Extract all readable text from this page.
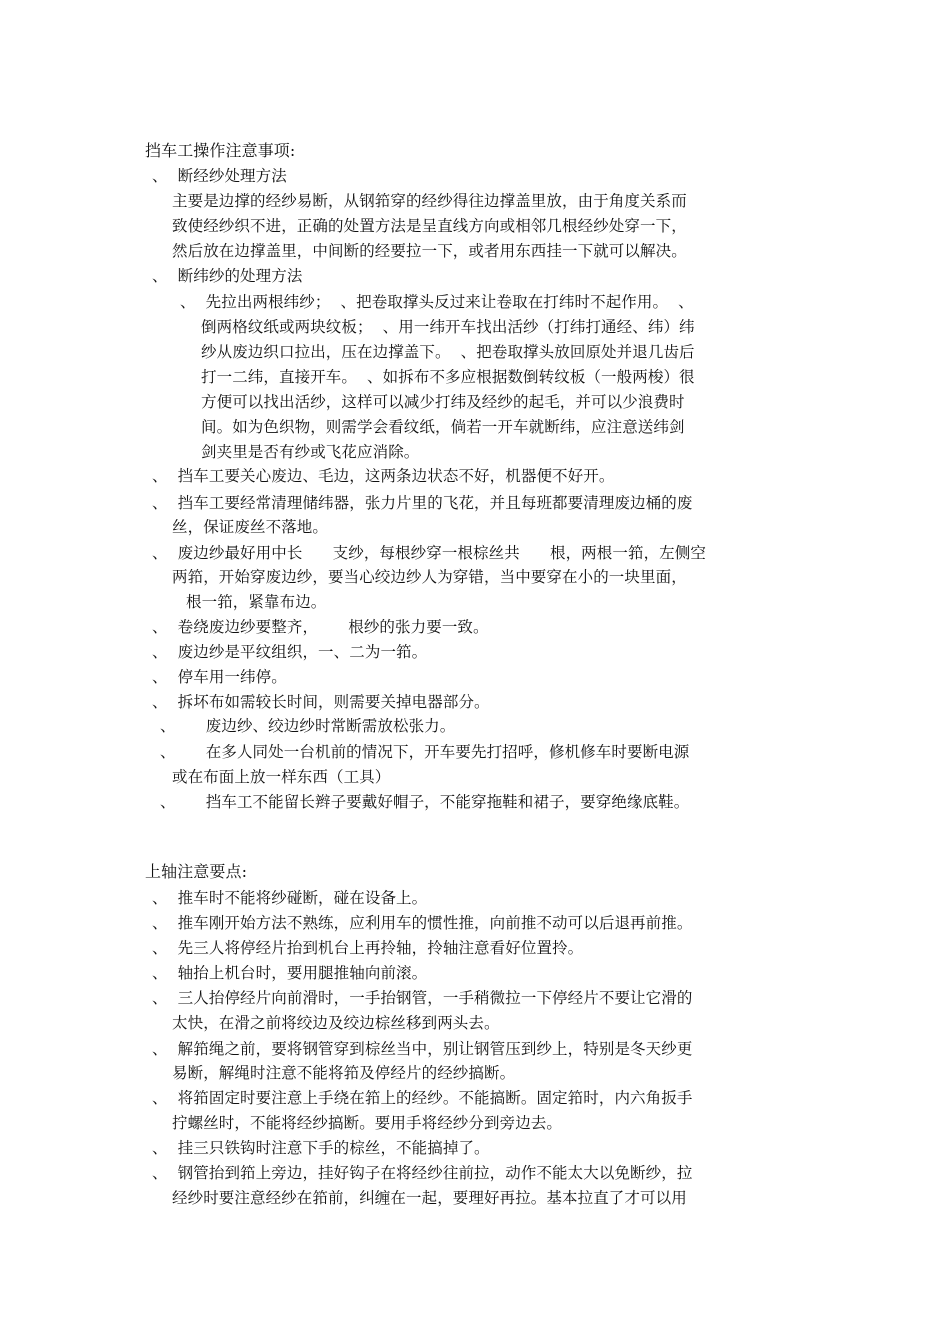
挡车工操作注意事项:
、  断经纱处理方法
主要是边撑的经纱易断，从钢筘穿的经纱得往边撑盖里放，由于角度关系而
致使经纱织不进，正确的处置方法是呈直线方向或相邻几根经纱处穿一下，
然后放在边撑盖里，中间断的经要拉一下，或者用东西挂一下就可以解决。
、  断纬纱的处理方法
、  先拉出两根纬纱；  、把卷取撑头反过来让卷取在打纬时不起作用。  、
倒两格纹纸或两块纹板；  、用一纬开车找出活纱（打纬打通经、纬）纬
纱从废边织口拉出，压在边撑盖下。  、把卷取撑头放回原处并退几齿后
打一二纬，直接开车。  、如拆布不多应根据数倒转纹板（一般两梭）很
方便可以找出活纱，这样可以减少打纬及经纱的起毛，并可以少浪费时
间。如为色织物，则需学会看纹纸，倘若一开车就断纬，应注意送纬剑
剑夹里是否有纱或飞花应消除。
、  挡车工要关心废边、毛边，这两条边状态不好，机器便不好开。
、  挡车工要经常清理储纬器，张力片里的飞花，并且每班都要清理废边桶的废
丝，保证废丝不落地。
、  废边纱最好用中长      支纱，每根纱穿一根棕丝共      根，两根一筘，左侧空
两筘，开始穿废边纱，要当心绞边纱人为穿错，当中要穿在小的一块里面，
根一筘，紧靠布边。
、  卷绕废边纱要整齐，      根纱的张力要一致。
、  废边纱是平纹组织，一、二为一筘。
、  停车用一纬停。
、  拆坏布如需较长时间，则需要关掉电器部分。
、      废边纱、绞边纱时常断需放松张力。
、      在多人同处一台机前的情况下，开车要先打招呼，修机修车时要断电源
或在布面上放一样东西（工具）
、      挡车工不能留长辫子要戴好帽子，不能穿拖鞋和裙子，要穿绝缘底鞋。
上轴注意要点:
、  推车时不能将纱碰断，碰在设备上。
、  推车刚开始方法不熟练，应利用车的惯性推，向前推不动可以后退再前推。
、  先三人将停经片抬到机台上再拎轴，拎轴注意看好位置拎。
、  轴抬上机台时，要用腿推轴向前滚。
、  三人抬停经片向前滑时，一手抬钢管，一手稍微拉一下停经片不要让它滑的
太快，在滑之前将绞边及绞边棕丝移到两头去。
、  解筘绳之前，要将钢管穿到棕丝当中，别让钢管压到纱上，特别是冬天纱更
易断，解绳时注意不能将筘及停经片的经纱搞断。
、  将筘固定时要注意上手绕在筘上的经纱。不能搞断。固定筘时，内六角扳手
拧螺丝时，不能将经纱搞断。要用手将经纱分到旁边去。
、  挂三只铁钩时注意下手的棕丝，不能搞掉了。
、  钢管抬到筘上旁边，挂好钩子在将经纱往前拉，动作不能太大以免断纱，拉
经纱时要注意经纱在筘前，纠缠在一起，要理好再拉。基本拉直了才可以用
